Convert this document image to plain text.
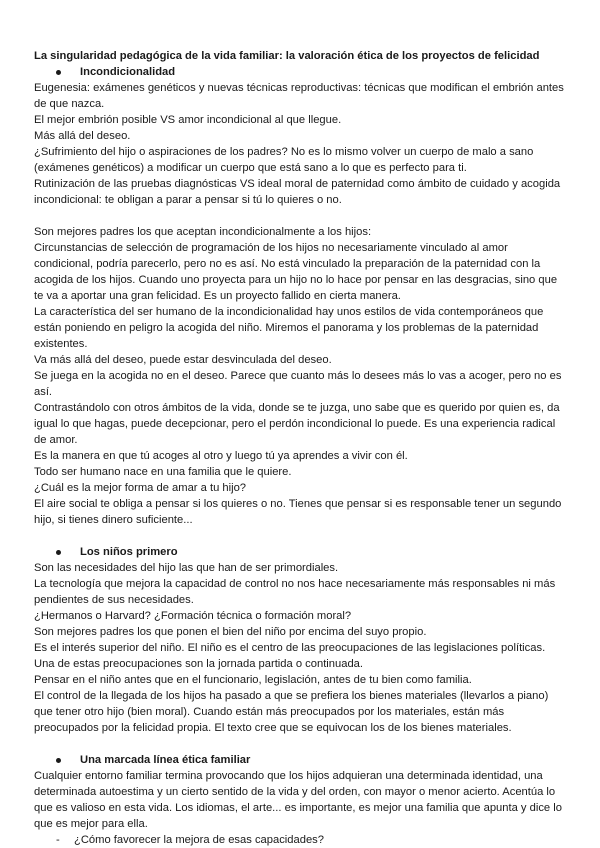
La singularidad pedagógica de la vida familiar: la valoración ética de los proyectos de felicidad

Incondicionalidad

Eugenesia: exámenes genéticos y nuevas técnicas reproductivas: técnicas que modifican el embrión antes de que nazca.

El mejor embrión posible VS amor incondicional al que llegue.

Más allá del deseo.

¿Sufrimiento del hijo o aspiraciones de los padres? No es lo mismo volver un cuerpo de malo a sano (exámenes genéticos) a modificar un cuerpo que está sano a lo que es perfecto para ti.

Rutinización de las pruebas diagnósticas VS ideal moral de paternidad como ámbito de cuidado y acogida incondicional: te obligan a parar a pensar si tú lo quieres o no.

Son mejores padres los que aceptan incondicionalmente a los hijos:

Circunstancias de selección de programación de los hijos no necesariamente vinculado al amor condicional, podría parecerlo, pero no es así. No está vinculado la preparación de la paternidad con la acogida de los hijos. Cuando uno proyecta para un hijo no lo hace por pensar en las desgracias, sino que te va a aportar una gran felicidad. Es un proyecto fallido en cierta manera.

La característica del ser humano de la incondicionalidad hay unos estilos de vida contemporáneos que están poniendo en peligro la acogida del niño. Miremos el panorama y los problemas de la paternidad existentes.

Va más allá del deseo, puede estar desvinculada del deseo.

Se juega en la acogida no en el deseo. Parece que cuanto más lo desees más lo vas a acoger, pero no es así.

Contrastándolo con otros ámbitos de la vida, donde se te juzga, uno sabe que es querido por quien es, da igual lo que hagas, puede decepcionar, pero el perdón incondicional lo puede. Es una experiencia radical de amor.

Es la manera en que tú acoges al otro y luego tú ya aprendes a vivir con él.

Todo ser humano nace en una familia que le quiere.

¿Cuál es la mejor forma de amar a tu hijo?

El aire social te obliga a pensar si los quieres o no. Tienes que pensar si es responsable tener un segundo hijo, si tienes dinero suficiente...

Los niños primero

Son las necesidades del hijo las que han de ser primordiales.

La tecnología que mejora la capacidad de control no nos hace necesariamente más responsables ni más pendientes de sus necesidades.

¿Hermanos o Harvard? ¿Formación técnica o formación moral?

Son mejores padres los que ponen el bien del niño por encima del suyo propio.

Es el interés superior del niño. El niño es el centro de las preocupaciones de las legislaciones políticas.

Una de estas preocupaciones son la jornada partida o continuada.

Pensar en el niño antes que en el funcionario, legislación, antes de tu bien como familia.

El control de la llegada de los hijos ha pasado a que se prefiera los bienes materiales (llevarlos a piano) que tener otro hijo (bien moral). Cuando están más preocupados por los materiales, están más preocupados por la felicidad propia. El texto cree que se equivocan los de los bienes materiales.

Una marcada línea ética familiar

Cualquier entorno familiar termina provocando que los hijos adquieran una determinada identidad, una determinada autoestima y un cierto sentido de la vida y del orden, con mayor o menor acierto. Acentúa lo que es valioso en esta vida. Los idiomas, el arte... es importante, es mejor una familia que apunta y dice lo que es mejor para ella.

- ¿Cómo favorecer la mejora de esas capacidades?
